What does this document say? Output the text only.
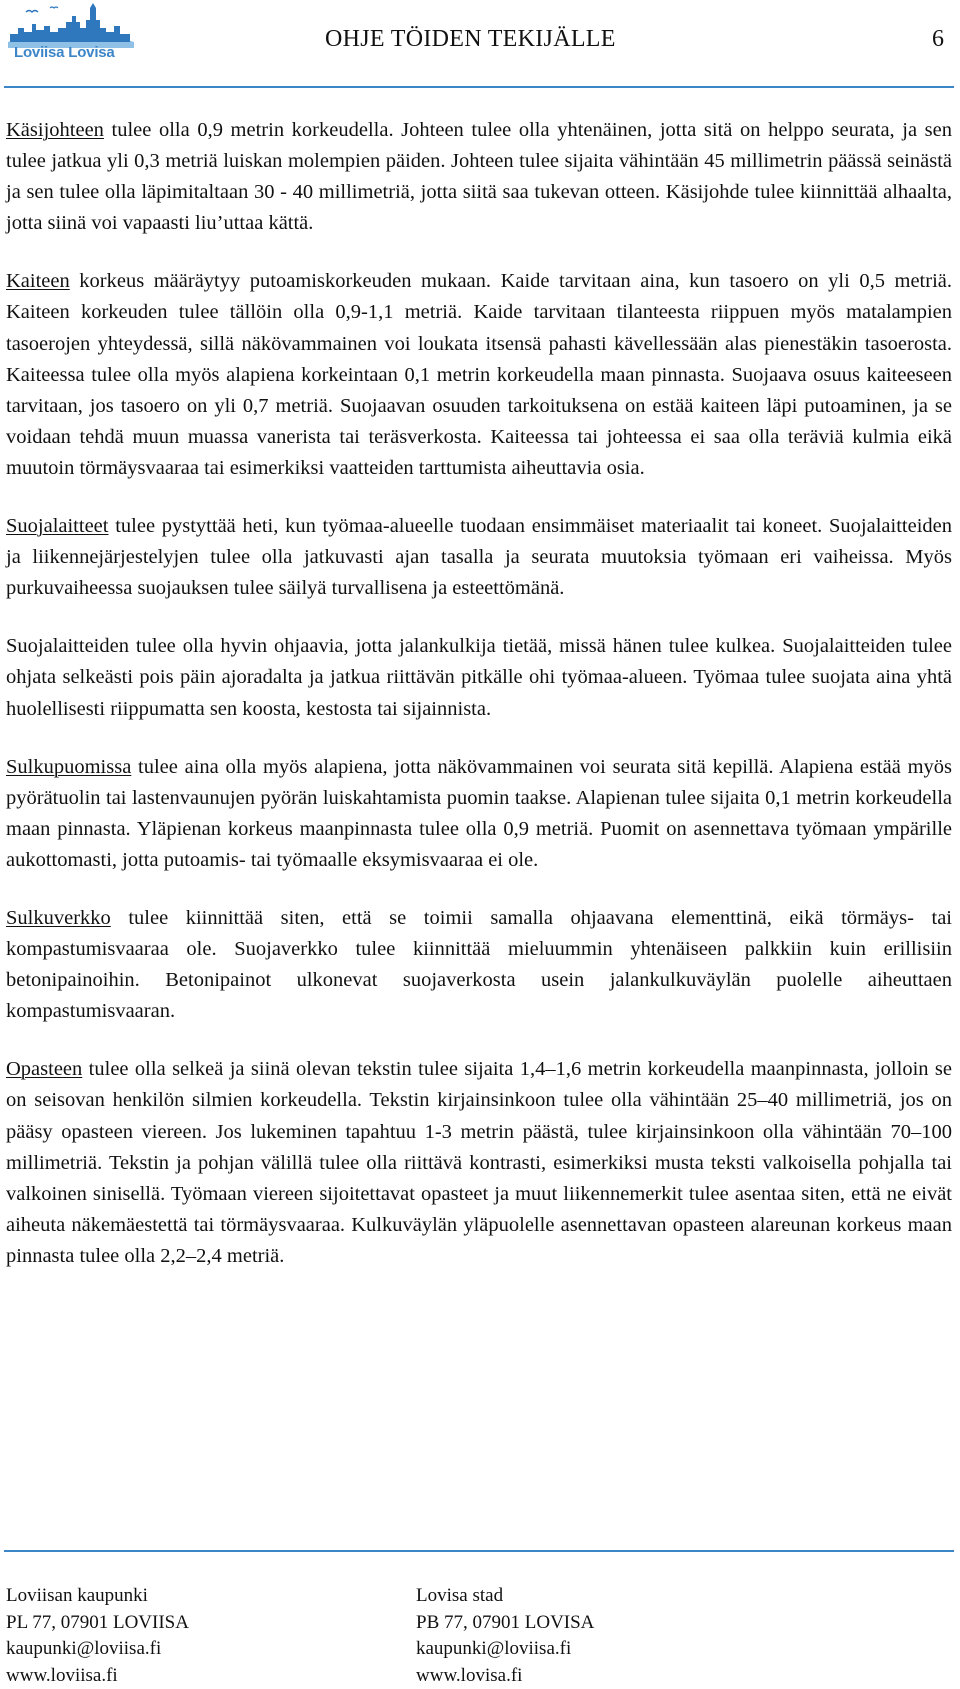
Loviisa Lovisa
OHJE TÖIDEN TEKIJÄLLE	6

Käsijohteen tulee olla 0,9 metrin korkeudella. Johteen tulee olla yhtenäinen, jotta sitä on helppo seurata, ja sen tulee jatkua yli 0,3 metriä luiskan molempien päiden. Johteen tulee sijaita vähintään 45 millimetrin päässä seinästä ja sen tulee olla läpimitaltaan 30 - 40 millimetriä, jotta siitä saa tukevan otteen. Käsijohde tulee kiinnittää alhaalta, jotta siinä voi vapaasti liu’uttaa kättä.

Kaiteen korkeus määräytyy putoamiskorkeuden mukaan. Kaide tarvitaan aina, kun tasoero on yli 0,5 metriä. Kaiteen korkeuden tulee tällöin olla 0,9-1,1 metriä. Kaide tarvitaan tilanteesta riippuen myös matalampien tasoerojen yhteydessä, sillä näkövammainen voi loukata itsensä pahasti kävellessään alas pienestäkin tasoerosta. Kaiteessa tulee olla myös alapiena korkeintaan 0,1 metrin korkeudella maan pinnasta. Suojaava osuus kaiteeseen tarvitaan, jos tasoero on yli 0,7 metriä. Suojaavan osuuden tarkoituksena on estää kaiteen läpi putoaminen, ja se voidaan tehdä muun muassa vanerista tai teräsverkosta. Kaiteessa tai johteessa ei saa olla teräviä kulmia eikä muutoin törmäysvaaraa tai esimerkiksi vaatteiden tarttumista aiheuttavia osia.

Suojalaitteet tulee pystyttää heti, kun työmaa-alueelle tuodaan ensimmäiset materiaalit tai koneet. Suojalaitteiden ja liikennejärjestelyjen tulee olla jatkuvasti ajan tasalla ja seurata muutoksia työmaan eri vaiheissa. Myös purkuvaiheessa suojauksen tulee säilyä turvallisena ja esteettömänä.

Suojalaitteiden tulee olla hyvin ohjaavia, jotta jalankulkija tietää, missä hänen tulee kulkea. Suojalaitteiden tulee ohjata selkeästi pois päin ajoradalta ja jatkua riittävän pitkälle ohi työmaa-alueen. Työmaa tulee suojata aina yhtä huolellisesti riippumatta sen koosta, kestosta tai sijainnista.

Sulkupuomissa tulee aina olla myös alapiena, jotta näkövammainen voi seurata sitä kepillä. Alapiena estää myös pyörätuolin tai lastenvaunujen pyörän luiskahtamista puomin taakse. Alapienan tulee sijaita 0,1 metrin korkeudella maan pinnasta. Yläpienan korkeus maanpinnasta tulee olla 0,9 metriä. Puomit on asennettava työmaan ympärille aukottomasti, jotta putoamis- tai työmaalle eksymisvaaraa ei ole.

Sulkuverkko tulee kiinnittää siten, että se toimii samalla ohjaavana elementtinä, eikä törmäys- tai kompastumisvaaraa ole. Suojaverkko tulee kiinnittää mieluummin yhtenäiseen palkkiin kuin erillisiin betonipainoihin. Betonipainot ulkonevat suojaverkosta usein jalankulkuväylän puolelle aiheuttaen kompastumisvaaran.

Opasteen tulee olla selkeä ja siinä olevan tekstin tulee sijaita 1,4–1,6 metrin korkeudella maanpinnasta, jolloin se on seisovan henkilön silmien korkeudella. Tekstin kirjainsinkoon tulee olla vähintään 25–40 millimetriä, jos on pääsy opasteen viereen. Jos lukeminen tapahtuu 1-3 metrin päästä, tulee kirjainsinkoon olla vähintään 70–100 millimetriä. Tekstin ja pohjan välillä tulee olla riittävä kontrasti, esimerkiksi musta teksti valkoisella pohjalla tai valkoinen sinisellä. Työmaan viereen sijoitettavat opasteet ja muut liikennemerkit tulee asentaa siten, että ne eivät aiheuta näkemäestettä tai törmäysvaaraa. Kulkuväylän yläpuolelle asennettavan opasteen alareunan korkeus maan pinnasta tulee olla 2,2–2,4 metriä.

Loviisan kaupunki
PL 77, 07901 LOVIISA
kaupunki@loviisa.fi
www.loviisa.fi
Lovisa stad
PB 77, 07901 LOVISA
kaupunki@loviisa.fi
www.lovisa.fi
